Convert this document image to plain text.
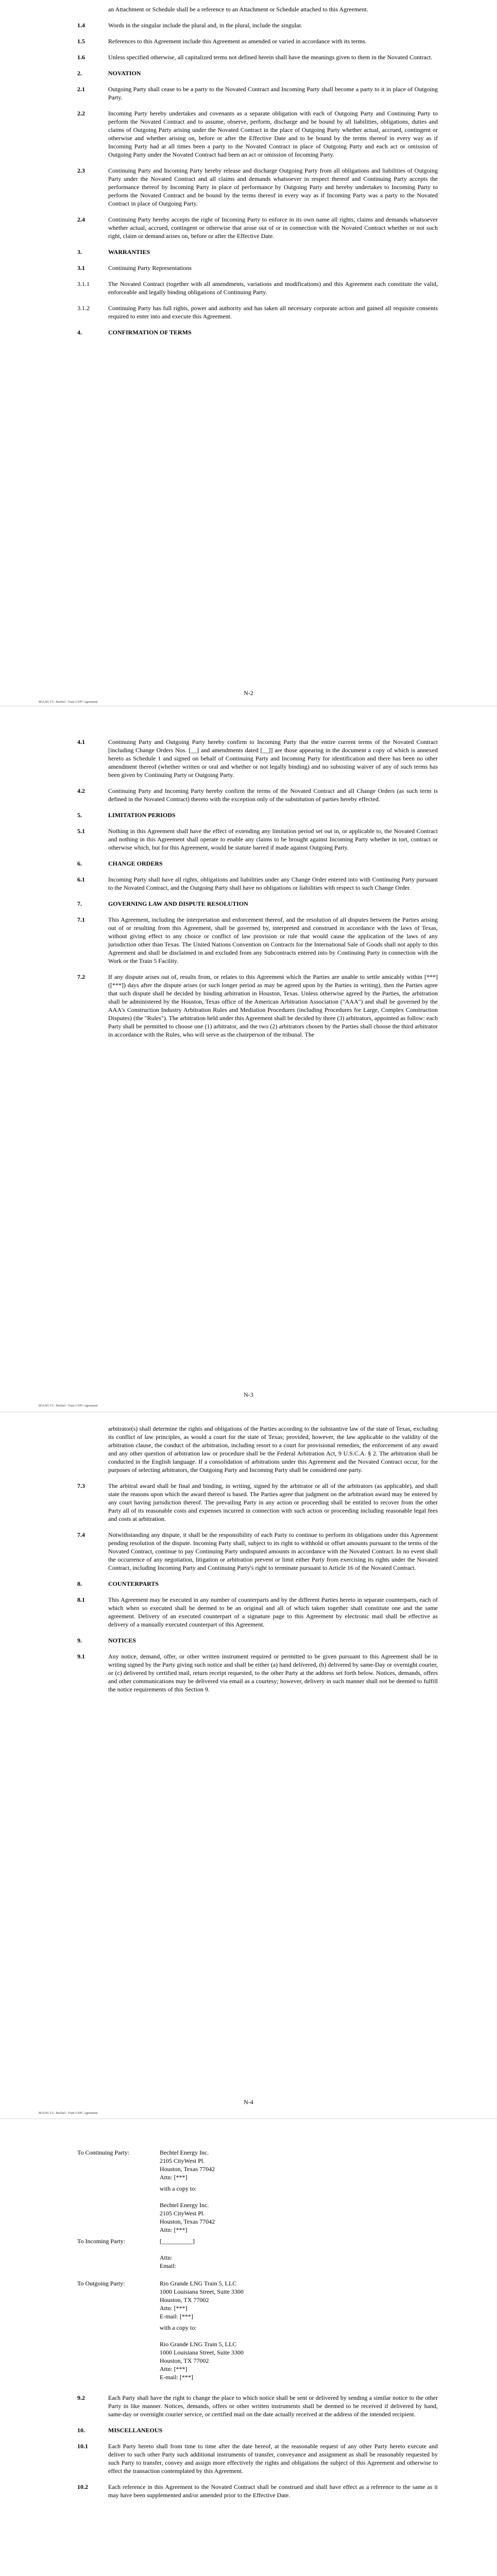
an Attachment or Schedule shall be a reference to an Attachment or Schedule attached to this Agreement.
1.4	Words in the singular include the plural and, in the plural, include the singular.
1.5	References to this Agreement include this Agreement as amended or varied in accordance with its terms.
1.6	Unless specified otherwise, all capitalized terms not defined herein shall have the meanings given to them in the Novated Contract.
2.	NOVATION
2.1	Outgoing Party shall cease to be a party to the Novated Contract and Incoming Party shall become a party to it in place of Outgoing Party.
2.2	Incoming Party hereby undertakes and covenants as a separate obligation with each of Outgoing Party and Continuing Party to perform the Novated Contract and to assume, observe, perform, discharge and be bound by all liabilities, obligations, duties and claims of Outgoing Party arising under the Novated Contract in the place of Outgoing Party whether actual, accrued, contingent or otherwise and whether arising on, before or after the Effective Date and to be bound by the terms thereof in every way as if Incoming Party had at all times been a party to the Novated Contract in place of Outgoing Party and each act or omission of Outgoing Party under the Novated Contract had been an act or omission of Incoming Party.
2.3	Continuing Party and Incoming Party hereby release and discharge Outgoing Party from all obligations and liabilities of Outgoing Party under the Novated Contract and all claims and demands whatsoever in respect thereof and Continuing Party accepts the performance thereof by Incoming Party in place of performance by Outgoing Party and hereby undertakes to Incoming Party to perform the Novated Contract and be bound by the terms thereof in every way as if Incoming Party was a party to the Novated Contract in place of Outgoing Party.
2.4	Continuing Party hereby accepts the right of Incoming Party to enforce in its own name all rights, claims and demands whatsoever whether actual, accrued, contingent or otherwise that arose out of or in connection with the Novated Contract whether or not such right, claim or demand arises on, before or after the Effective Date.
3.	WARRANTIES
3.1	Continuing Party Representations
3.1.1	The Novated Contract (together with all amendments, variations and modifications) and this Agreement each constitute the valid, enforceable and legally binding obligations of Continuing Party.
3.1.2	Continuing Party has full rights, power and authority and has taken all necessary corporate action and gained all requisite consents required to enter into and execute this Agreement.
4.	CONFIRMATION OF TERMS
N-2
BGLNG T3 - Bechtel - Train 5 EPC Agreement
4.1	Continuing Party and Outgoing Party hereby confirm to Incoming Party that the entire current terms of the Novated Contract [including Change Orders Nos. [__] and amendments dated [__]] are those appearing in the document a copy of which is annexed hereto as Schedule 1 and signed on behalf of Continuing Party and Incoming Party for identification and there has been no other amendment thereof (whether written or oral and whether or not legally binding) and no subsisting waiver of any of such terms has been given by Continuing Party or Outgoing Party.
4.2	Continuing Party and Incoming Party hereby confirm the terms of the Novated Contract and all Change Orders (as such term is defined in the Novated Contract) thereto with the exception only of the substitution of parties hereby effected.
5.	LIMITATION PERIODS
5.1	Nothing in this Agreement shall have the effect of extending any limitation period set out in, or applicable to, the Novated Contract and nothing in this Agreement shall operate to enable any claims to be brought against Incoming Party whether in tort, contract or otherwise which, but for this Agreement, would be statute barred if made against Outgoing Party.
6.	CHANGE ORDERS
6.1	Incoming Party shall have all rights, obligations and liabilities under any Change Order entered into with Continuing Party pursuant to the Novated Contract, and the Outgoing Party shall have no obligations or liabilities with respect to such Change Order.
7.	GOVERNING LAW AND DISPUTE RESOLUTION
7.1	This Agreement, including the interpretation and enforcement thereof, and the resolution of all disputes between the Parties arising out of or resulting from this Agreement, shall be governed by, interpreted and construed in accordance with the laws of Texas, without giving effect to any choice or conflict of law provision or rule that would cause the application of the laws of any jurisdiction other than Texas. The United Nations Convention on Contracts for the International Sale of Goods shall not apply to this Agreement and shall be disclaimed in and excluded from any Subcontracts entered into by Continuing Party in connection with the Work or the Train 5 Facility.
7.2	If any dispute arises out of, results from, or relates to this Agreement which the Parties are unable to settle amicably within [***] ([***]) days after the dispute arises (or such longer period as may be agreed upon by the Parties in writing), then the Parties agree that such dispute shall be decided by binding arbitration in Houston, Texas. Unless otherwise agreed by the Parties, the arbitration shall be administered by the Houston, Texas office of the American Arbitration Association ("AAA") and shall be governed by the AAA's Construction Industry Arbitration Rules and Mediation Procedures (including Procedures for Large, Complex Construction Disputes) (the "Rules"). The arbitration held under this Agreement shall be decided by three (3) arbitrators, appointed as follow: each Party shall be permitted to choose one (1) arbitrator, and the two (2) arbitrators chosen by the Parties shall choose the third arbitrator in accordance with the Rules, who will serve as the chairperson of the tribunal. The
N-3
BGLNG T3 - Bechtel - Train 5 EPC Agreement
arbitrator(s) shall determine the rights and obligations of the Parties according to the substantive law of the state of Texas, excluding its conflict of law principles, as would a court for the state of Texas; provided, however, the law applicable to the validity of the arbitration clause, the conduct of the arbitration, including resort to a court for provisional remedies, the enforcement of any award and any other question of arbitration law or procedure shall be the Federal Arbitration Act, 9 U.S.C.A. § 2. The arbitration shall be conducted in the English language. If a consolidation of arbitrations under this Agreement and the Novated Contract occur, for the purposes of selecting arbitrators, the Outgoing Party and Incoming Party shall be considered one party.
7.3	The arbitral award shall be final and binding, in writing, signed by the arbitrator or all of the arbitrators (as applicable), and shall state the reasons upon which the award thereof is based. The Parties agree that judgment on the arbitration award may be entered by any court having jurisdiction thereof. The prevailing Party in any action or proceeding shall be entitled to recover from the other Party all of its reasonable costs and expenses incurred in connection with such action or proceeding including reasonable legal fees and costs at arbitration.
7.4	Notwithstanding any dispute, it shall be the responsibility of each Party to continue to perform its obligations under this Agreement pending resolution of the dispute. Incoming Party shall, subject to its right to withhold or offset amounts pursuant to the terms of the Novated Contract, continue to pay Continuing Party undisputed amounts in accordance with the Novated Contract. In no event shall the occurrence of any negotiation, litigation or arbitration prevent or limit either Party from exercising its rights under the Novated Contract, including Incoming Party and Continuing Party's right to terminate pursuant to Article 16 of the Novated Contract.
8.	COUNTERPARTS
8.1	This Agreement may be executed in any number of counterparts and by the different Parties hereto in separate counterparts, each of which when so executed shall be deemed to be an original and all of which taken together shall constitute one and the same agreement. Delivery of an executed counterpart of a signature page to this Agreement by electronic mail shall be effective as delivery of a manually executed counterpart of this Agreement.
9.	NOTICES
9.1	Any notice, demand, offer, or other written instrument required or permitted to be given pursuant to this Agreement shall be in writing signed by the Party giving such notice and shall be either (a) hand delivered, (b) delivered by same-Day or overnight courier, or (c) delivered by certified mail, return receipt requested, to the other Party at the address set forth below. Notices, demands, offers and other communications may be delivered via email as a courtesy; however, delivery in such manner shall not be deemed to fulfill the notice requirements of this Section 9.
N-4
BGLNG T3 - Bechtel - Train 5 EPC Agreement
To Continuing Party:	Bechtel Energy Inc.
2105 CityWest Pl.
Houston, Texas 77042
Attn: [***]
with a copy to:
Bechtel Energy Inc.
2105 CityWest Pl.
Houston, Texas 77042
Attn: [***]
To Incoming Party:	[__________]
Attn:
Email:
To Outgoing Party:	Rio Grande LNG Train 5, LLC
1000 Louisiana Street, Suite 3300
Houston, TX 77002
Attn: [***]
E-mail: [***]
with a copy to:
Rio Grande LNG Train 5, LLC
1000 Louisiana Street, Suite 3300
Houston, TX 77002
Attn: [***]
E-mail: [***]
9.2	Each Party shall have the right to change the place to which notice shall be sent or delivered by sending a similar notice to the other Party in like manner. Notices, demands, offers or other written instruments shall be deemed to be received if delivered by hand, same-day or overnight courier service, or certified mail on the date actually received at the address of the intended recipient.
10.	MISCELLANEOUS
10.1	Each Party hereto shall from time to time after the date hereof, at the reasonable request of any other Party hereto execute and deliver to such other Party such additional instruments of transfer, conveyance and assignment as shall be reasonably requested by such Party to transfer, convey and assign more effectively the rights and obligations the subject of this Agreement and otherwise to effect the transaction contemplated by this Agreement.
10.2	Each reference in this Agreement to the Novated Contract shall be construed and shall have effect as a reference to the same as it may have been supplemented and/or amended prior to the Effective Date.
